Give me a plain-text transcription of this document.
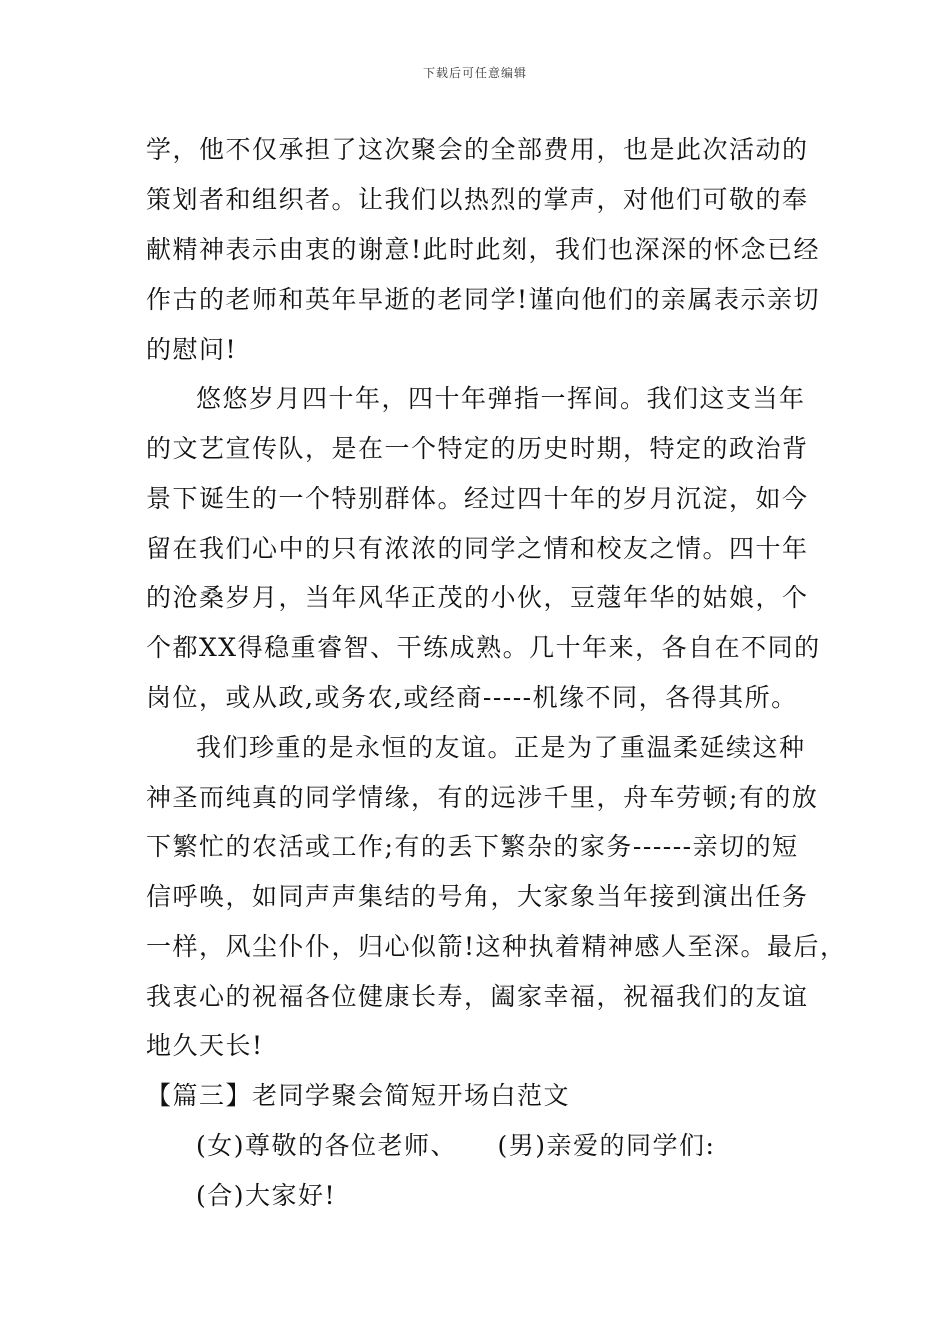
下载后可任意编辑
学，他不仅承担了这次聚会的全部费用，也是此次活动的
策划者和组织者。让我们以热烈的掌声，对他们可敬的奉
献精神表示由衷的谢意!此时此刻，我们也深深的怀念已经
作古的老师和英年早逝的老同学!谨向他们的亲属表示亲切
的慰问!
悠悠岁月四十年，四十年弹指一挥间。我们这支当年
的文艺宣传队，是在一个特定的历史时期，特定的政治背
景下诞生的一个特别群体。经过四十年的岁月沉淀，如今
留在我们心中的只有浓浓的同学之情和校友之情。四十年
的沧桑岁月，当年风华正茂的小伙，豆蔻年华的姑娘，个
个都XX得稳重睿智、干练成熟。几十年来，各自在不同的
岗位，或从政,或务农,或经商-----机缘不同，各得其所。
我们珍重的是永恒的友谊。正是为了重温柔延续这种
神圣而纯真的同学情缘，有的远涉千里，舟车劳顿;有的放
下繁忙的农活或工作;有的丢下繁杂的家务------亲切的短
信呼唤，如同声声集结的号角，大家象当年接到演出任务
一样，风尘仆仆，归心似箭!这种执着精神感人至深。最后，
我衷心的祝福各位健康长寿，阖家幸福，祝福我们的友谊
地久天长!
【篇三】老同学聚会简短开场白范文
(女)尊敬的各位老师、　　(男)亲爱的同学们:
(合)大家好!
